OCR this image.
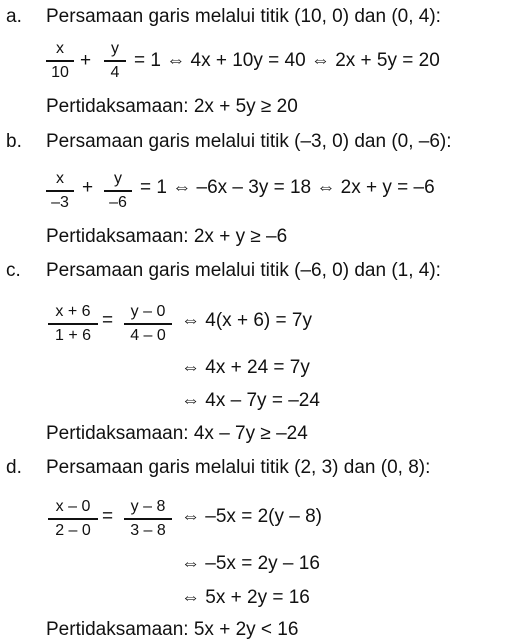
a. Persamaan garis melalui titik (10, 0) dan (0, 4):
x
10
+
y
4
= 1 ⇔ 4x + 10y = 40 ⇔ 2x + 5y = 20
Pertidaksamaan: 2x + 5y ≥ 20
b. Persamaan garis melalui titik (–3, 0) dan (0, –6):
x
–3
+	y
–6
= 1 ⇔ –6x – 3y = 18 ⇔ 2x + y = –6
Pertidaksamaan: 2x + y ≥ –6
c. Persamaan garis melalui titik (–6, 0) dan (1, 4):
x + 6
1 + 6
=	y – 0
4 – 0
⇔ 4(x + 6) = 7y
⇔ 4x + 24 = 7y
⇔ 4x – 7y = –24
Pertidaksamaan: 4x – 7y ≥ –24
d. Persamaan garis melalui titik (2, 3) dan (0, 8):
x – 0
2 – 0
=	y – 8
3 – 8
⇔ –5x = 2(y – 8)
⇔ –5x = 2y – 16
⇔ 5x + 2y = 16
Pertidaksamaan: 5x + 2y < 16
